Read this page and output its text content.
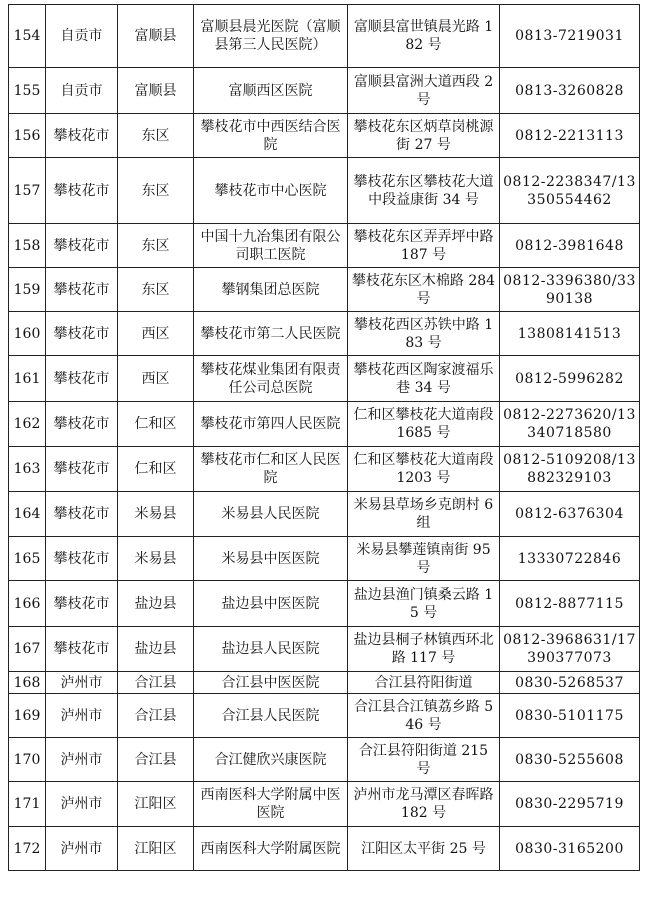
154	自贡市	富顺县	富顺县晨光医院（富顺县第三人民医院）	富顺县富世镇晨光路 182 号	0813-7219031
155	自贡市	富顺县	富顺西区医院	富顺县富洲大道西段 2 号	0813-3260828
156	攀枝花市	东区	攀枝花市中西医结合医院	攀枝花东区炳草岗桃源街 27 号	0812-2213113
157	攀枝花市	东区	攀枝花市中心医院	攀枝花东区攀枝花大道中段益康街 34 号	0812-2238347/13350554462
158	攀枝花市	东区	中国十九冶集团有限公司职工医院	攀枝花东区弄弄坪中路 187 号	0812-3981648
159	攀枝花市	东区	攀钢集团总医院	攀枝花东区木棉路 284 号	0812-3396380/3390138
160	攀枝花市	西区	攀枝花市第二人民医院	攀枝花西区苏铁中路 183 号	13808141513
161	攀枝花市	西区	攀枝花煤业集团有限责任公司总医院	攀枝花西区陶家渡福乐巷 34 号	0812-5996282
162	攀枝花市	仁和区	攀枝花市第四人民医院	仁和区攀枝花大道南段 1685 号	0812-2273620/13340718580
163	攀枝花市	仁和区	攀枝花市仁和区人民医院	仁和区攀枝花大道南段 1203 号	0812-5109208/13882329103
164	攀枝花市	米易县	米易县人民医院	米易县草场乡克朗村 6 组	0812-6376304
165	攀枝花市	米易县	米易县中医医院	米易县攀莲镇南街 95 号	13330722846
166	攀枝花市	盐边县	盐边县中医医院	盐边县渔门镇桑云路 15 号	0812-8877115
167	攀枝花市	盐边县	盐边县人民医院	盐边县桐子林镇西环北路 117 号	0812-3968631/17390377073
168	泸州市	合江县	合江县中医医院	合江县符阳街道	0830-5268537
169	泸州市	合江县	合江县人民医院	合江县合江镇荔乡路 546 号	0830-5101175
170	泸州市	合江县	合江健欣兴康医院	合江县符阳街道 215 号	0830-5255608
171	泸州市	江阳区	西南医科大学附属中医医院	泸州市龙马潭区春晖路 182 号	0830-2295719
172	泸州市	江阳区	西南医科大学附属医院	江阳区太平街 25 号	0830-3165200
